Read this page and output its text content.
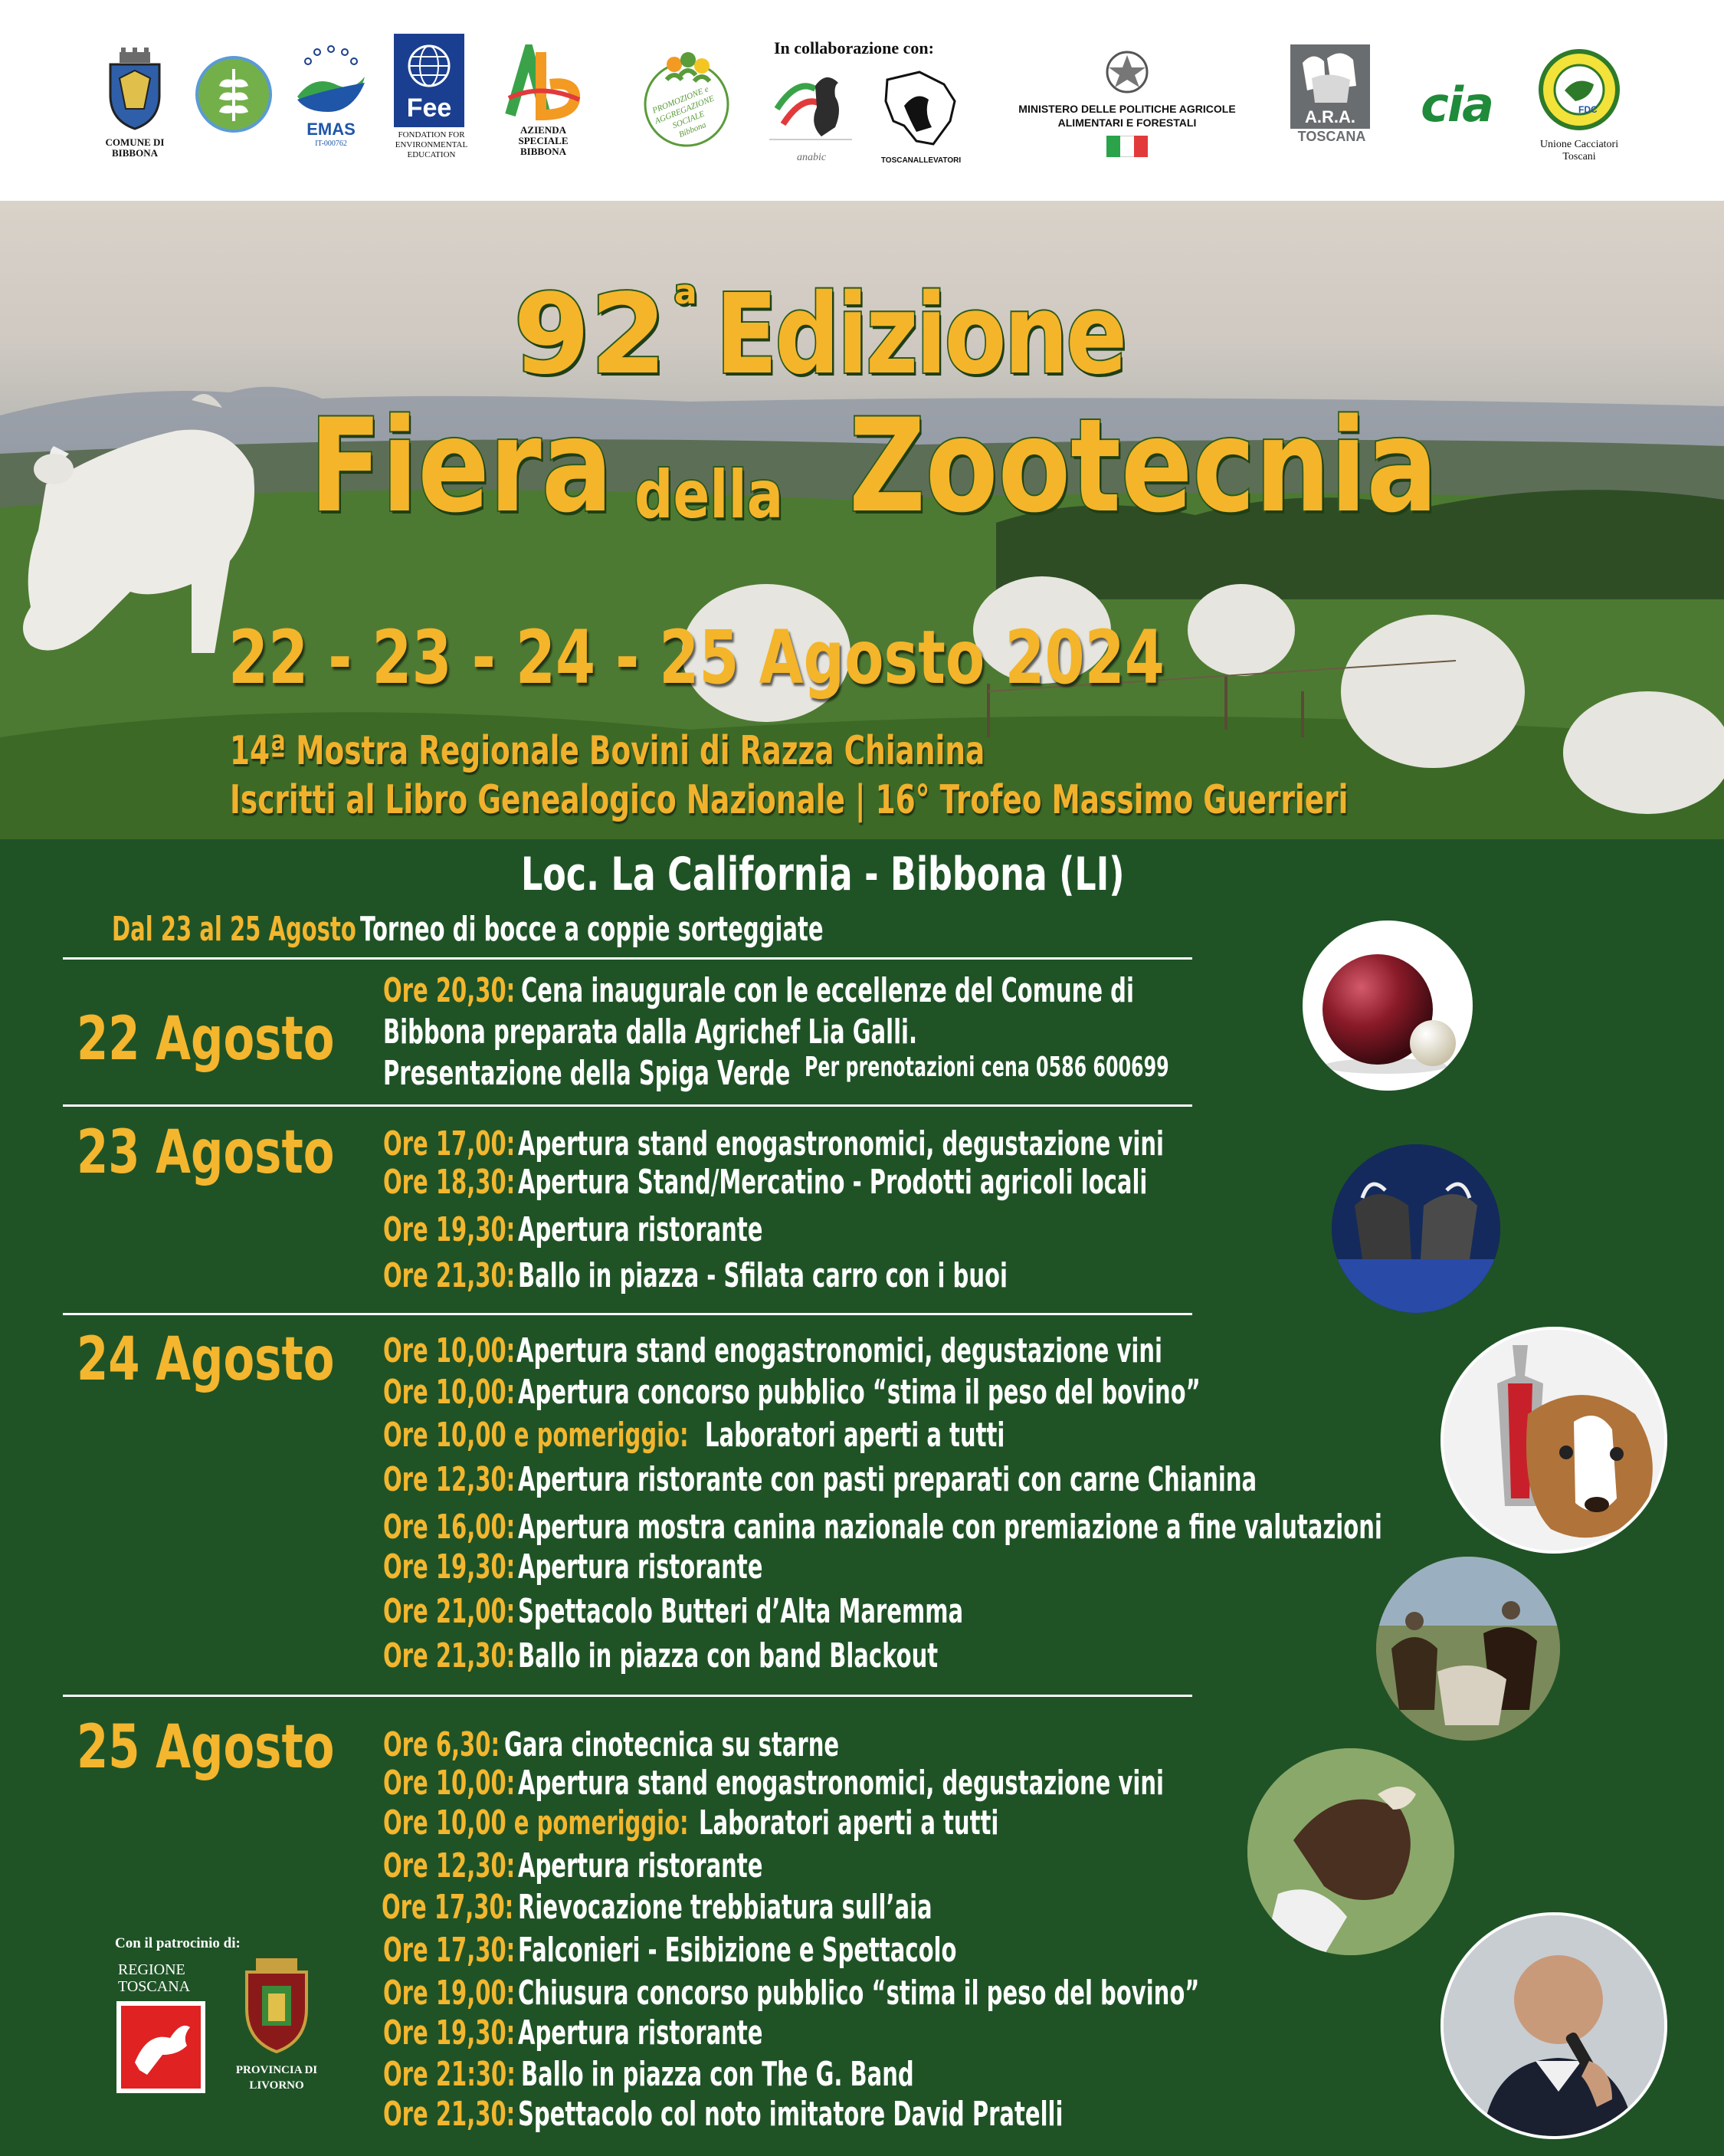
COMUNE DI BIBBONA
EMAS
IT-000762
Fee
FONDATION FOR ENVIRONMENTAL EDUCATION
AZIENDA SPECIALE BIBBONA
PROMOZIONE e AGGREGAZIONE SOCIALE Bibbona
In collaborazione con:
anabic	TOSCANALLEVATORI
MINISTERO DELLE POLITICHE AGRICOLE ALIMENTARI E FORESTALI	A.R.A.
TOSCANA
cia	FDC
Unione Cacciatori Toscani
92 a Edizione
Fiera della Zootecnia
22 - 23 - 24 - 25 Agosto 2024
14ª Mostra Regionale Bovini di Razza Chianina
Iscritti al Libro Genealogico Nazionale | 16° Trofeo Massimo Guerrieri
Loc. La California - Bibbona (LI)
Dal 23 al 25 Agosto Torneo di bocce a coppie sorteggiate
22 Agosto
Ore 20,30: Cena inaugurale con le eccellenze del Comune di
Bibbona preparata dalla Agrichef Lia Galli.
Presentazione della Spiga Verde Per prenotazioni cena 0586 600699
23 Agosto Ore 17,00: Apertura stand enogastronomici, degustazione vini
Ore 18,30: Apertura Stand/Mercatino - Prodotti agricoli locali
Ore 19,30: Apertura ristorante
Ore 21,30: Ballo in piazza - Sfilata carro con i buoi
24 Agosto Ore 10,00: Apertura stand enogastronomici, degustazione vini
Ore 10,00: Apertura concorso pubblico “stima il peso del bovino”
Ore 10,00 e pomeriggio: Laboratori aperti a tutti
Ore 12,30: Apertura ristorante con pasti preparati con carne Chianina
Ore 16,00: Apertura mostra canina nazionale con premiazione a fine valutazioni
Ore 19,30: Apertura ristorante
Ore 21,00: Spettacolo Butteri d’Alta Maremma
Ore 21,30: Ballo in piazza con band Blackout
25 Agosto Ore 6,30: Gara cinotecnica su starne
Ore 10,00: Apertura stand enogastronomici, degustazione vini
Ore 10,00 e pomeriggio: Laboratori aperti a tutti
Ore 12,30: Apertura ristorante
Ore 17,30: Rievocazione trebbiatura sull’aia
Ore 17,30: Falconieri - Esibizione e Spettacolo
Ore 19,00: Chiusura concorso pubblico “stima il peso del bovino”
Ore 19,30: Apertura ristorante
Ore 21:30: Ballo in piazza con The G. Band
Ore 21,30: Spettacolo col noto imitatore David Pratelli
Con il patrocinio di:
REGIONE
TOSCANA
PROVINCIA DI
LIVORNO
